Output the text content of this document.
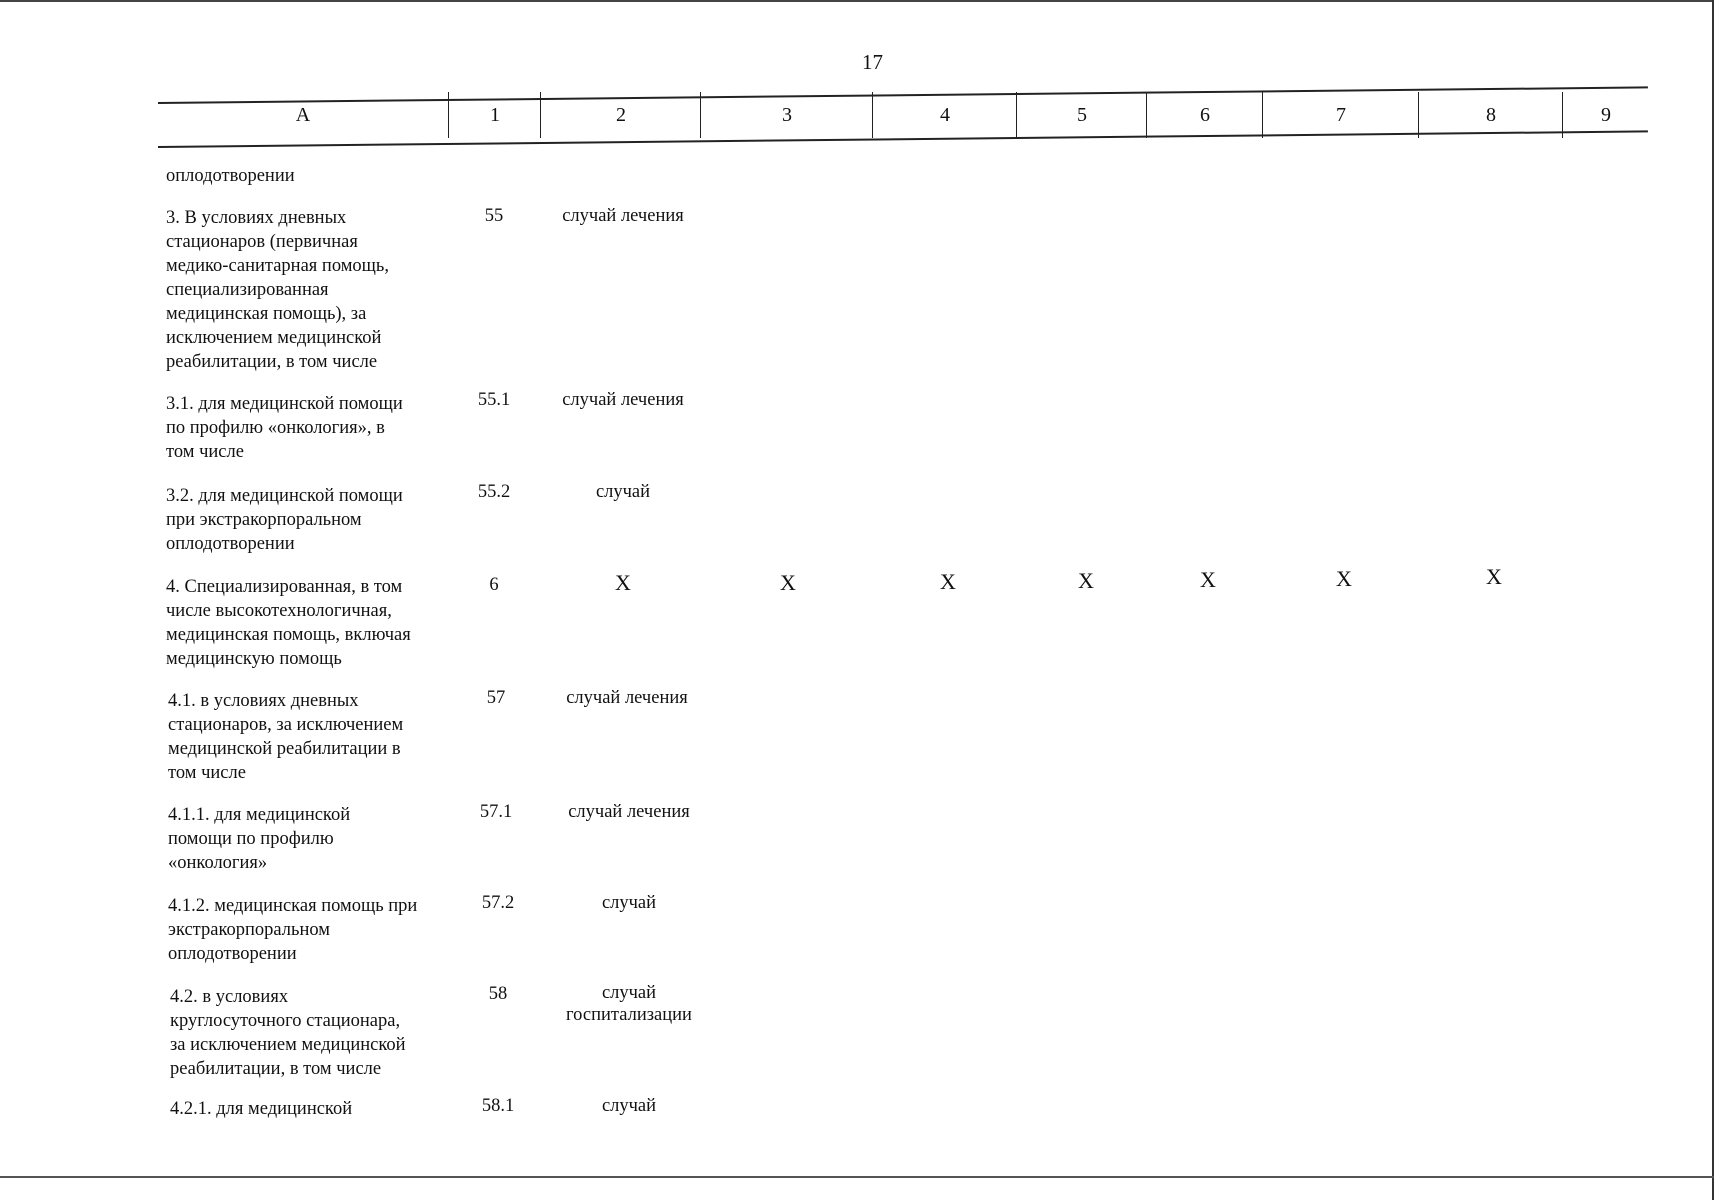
17
А	1	2	3	4	5	6	7	8	9
оплодотворении
3. В условиях дневных
стационаров (первичная
медико-санитарная помощь,
специализированная
медицинская помощь), за
исключением медицинской
реабилитации, в том числе
55	случай лечения
3.1. для медицинской помощи
по профилю «онкология», в
том числе
55.1	случай лечения
3.2. для медицинской помощи
при экстракорпоральном
оплодотворении
55.2	случай
4. Специализированная, в том
числе высокотехнологичная,
медицинская помощь, включая
медицинскую помощь
6	X	X	X	X	X	X	X
4.1. в условиях дневных
стационаров, за исключением
медицинской реабилитации в
том числе
57	случай лечения
4.1.1. для медицинской
помощи по профилю
«онкология»
57.1	случай лечения
4.1.2. медицинская помощь при
экстракорпоральном
оплодотворении
57.2	случай
4.2. в условиях
круглосуточного стационара,
за исключением медицинской
реабилитации, в том числе
58	случай
госпитализации
4.2.1. для медицинской	58.1	случай
